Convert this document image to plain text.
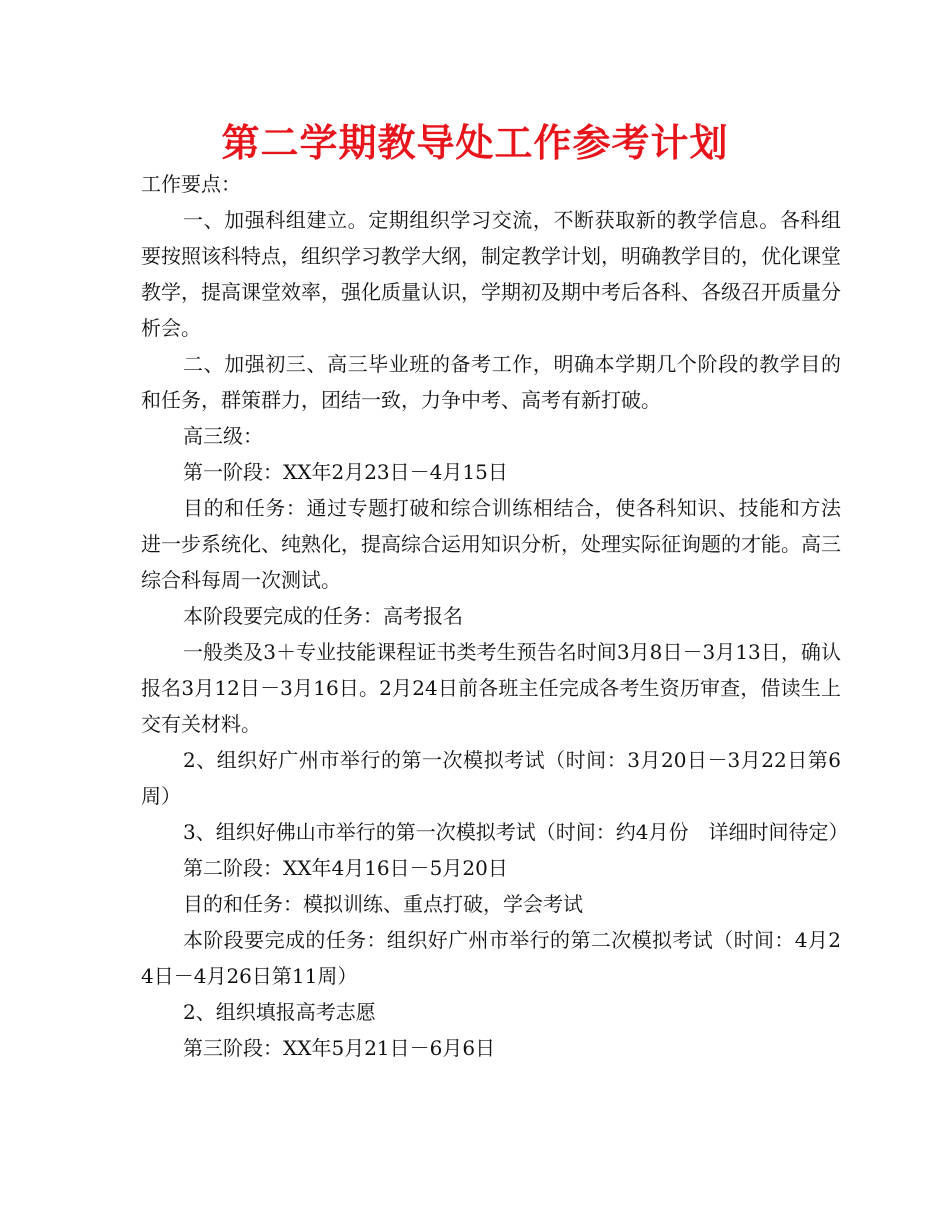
第二学期教导处工作参考计划

工作要点：

一、加强科组建立。定期组织学习交流，不断获取新的教学信息。各科组要按照该科特点，组织学习教学大纲，制定教学计划，明确教学目的，优化课堂教学，提高课堂效率，强化质量认识，学期初及期中考后各科、各级召开质量分析会。

二、加强初三、高三毕业班的备考工作，明确本学期几个阶段的教学目的和任务，群策群力，团结一致，力争中考、高考有新打破。

高三级：

第一阶段：XX年2月23日－4月15日

目的和任务：通过专题打破和综合训练相结合，使各科知识、技能和方法进一步系统化、纯熟化，提高综合运用知识分析，处理实际征询题的才能。高三综合科每周一次测试。

本阶段要完成的任务：高考报名

一般类及3＋专业技能课程证书类考生预告名时间3月8日－3月13日，确认报名3月12日－3月16日。2月24日前各班主任完成各考生资历审查，借读生上交有关材料。

2、组织好广州市举行的第一次模拟考试（时间：3月20日－3月22日第6周）

3、组织好佛山市举行的第一次模拟考试（时间：约4月份　详细时间待定）

第二阶段：XX年4月16日－5月20日

目的和任务：模拟训练、重点打破，学会考试

本阶段要完成的任务：组织好广州市举行的第二次模拟考试（时间：4月24日－4月26日第11周）

2、组织填报高考志愿

第三阶段：XX年5月21日－6月6日
